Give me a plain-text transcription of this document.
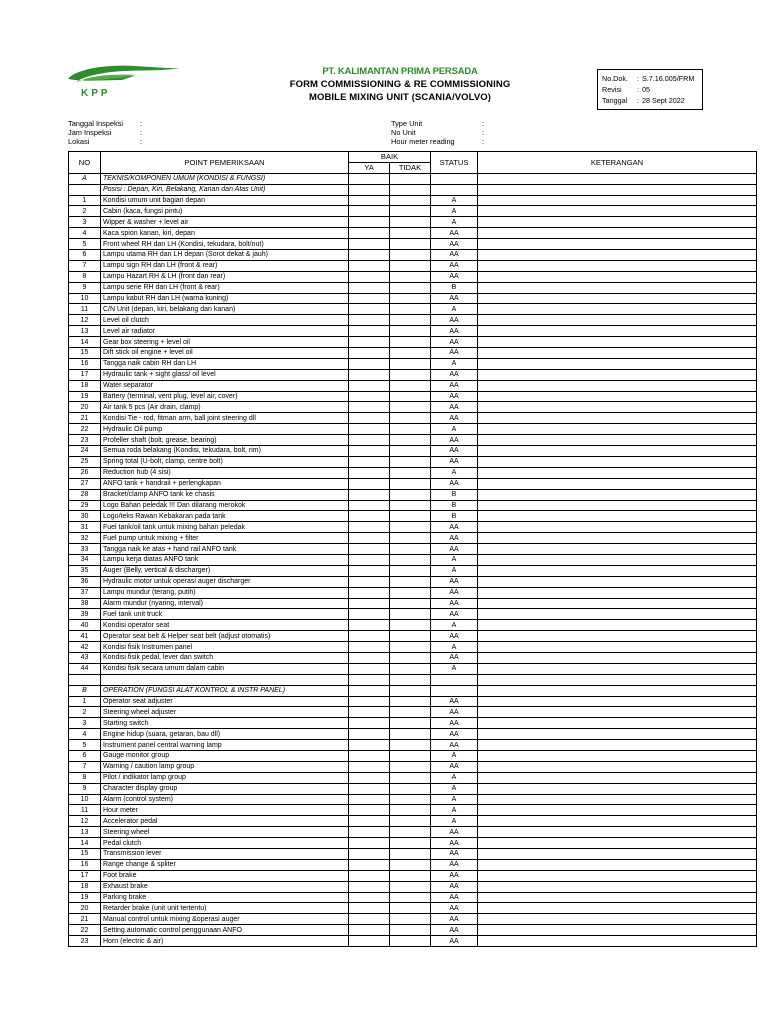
KPP
PT. KALIMANTAN PRIMA PERSADA
FORM COMMISSIONING & RE COMMISSIONING
MOBILE MIXING UNIT (SCANIA/VOLVO)
No.Dok.	: S.7.16.005/FRM
Revisi	: 05
Tanggal	: 28 Sept 2022
Tanggal Inspeksi	:
Jam Inspeksi	:
Lokasi	:
Type Unit	:
No Unit	:
Hour meter reading	:
NO	POINT PEMERIKSAAN	BAIK		STATUS	KETERANGAN
		YA	TIDAK		
A	TEKNIS/KOMPONEN UMUM (KONDISI & FUNGSI)				
	Posisi : Depan, Kiri, Belakang, Kanan dan Atas Unit)				
1	Kondisi umum unit bagian depan			A	
2	Cabin (kaca, fungsi pintu)			A	
3	Wipper & washer + level air			A	
4	Kaca spion kanan, kiri, depan			AA	
5	Front wheel RH dan LH (Kondisi, tekudara, bolt/nut)			AA	
6	Lampu utama RH dan LH depan (Sorot dekat & jauh)			AA	
7	Lampu sign RH dan LH (front & rear)			AA	
8	Lampu Hazart RH & LH (front dan rear)			AA	
9	Lampu serie RH dan LH (front & rear)			B	
10	Lampu kabut RH dan LH (warna kuning)			AA	
11	C/N Unit (depan, kiri, belakang dan kanan)			A	
12	Level oil clutch			AA	
13	Level air radiator			AA	
14	Gear box steering + level oil			AA	
15	Dift stick oil engine + level oil			AA	
16	Tangga naik cabin RH dan LH			A	
17	Hydraulic tank + sight glass/ oil level			AA	
18	Water separator			AA	
19	Battery (terminal, vent plug, level air, cover)			AA	
20	Air tank 5 pcs (Air drain, clamp)			AA	
21	Kondisi Tie - rod, fitman arm, ball joint steering dll			AA	
22	Hydraulic Oil pump			A	
23	Profeller shaft (bolt, grease, bearing)			AA	
24	Semua roda belakang (Kondisi, tekudara, bolt, rim)			AA	
25	Spring total (U-bolt, clamp, centre bolt)			AA	
26	Reduction hub (4 sisi)			A	
27	ANFO tank + handrail + perlengkapan			AA	
28	Bracket/clamp ANFO tank ke chasis			B	
29	Logo Bahan peledak !!! Dan dilarang merokok			B	
30	Logo/teks Rawan Kebakaran pada tank			B	
31	Fuel tank/oil tank untuk mixing bahan peledak			AA	
32	Fuel pump untuk mixing + filter			AA	
33	Tangga naik ke atas + hand rail ANFO tank			AA	
34	Lampu kerja diatas ANFO tank			A	
35	Auger (Belly, vertical & discharger)			A	
36	Hydraulic motor untuk operasi auger discharger			AA	
37	Lampu mundur (terang, putih)			AA	
38	Alarm mundur (nyaring, interval)			AA	
39	Fuel tank unit truck			AA	
40	Kondisi operator seat			A	
41	Operator seat belt & Helper seat belt (adjust otomatis)			AA	
42	Kondisi fisik Instrumen panel			A	
43	Kondisi fisik pedal, lever dan switch			AA	
44	Kondisi fisik secara umum dalam cabin			A	

B	OPERATION (FUNGSI ALAT KONTROL & INSTR PANEL)				
1	Operator seat adjuster			AA	
2	Steering wheel adjuster			AA	
3	Starting switch			AA	
4	Engine hidup (suara, getaran, bau dll)			AA	
5	Instrument panel central warning lamp			AA	
6	Gauge monitor group			A	
7	Warning / caution lamp group			AA	
8	Pilot / indikator lamp group			A	
9	Character display group			A	
10	Alarm (control system)			A	
11	Hour meter			A	
12	Accelerator pedal			A	
13	Steering wheel			AA	
14	Pedal clutch			AA	
15	Transmission lever			AA	
16	Range change & spliter			AA	
17	Foot brake			AA	
18	Exhaust brake			AA	
19	Parking brake			AA	
20	Retarder brake (unit unit tertentu)			AA	
21	Manual control untuk mixing &operasi auger			AA	
22	Setting automatic control penggunaan ANFO			AA	
23	Horn (electric & air)			AA	
